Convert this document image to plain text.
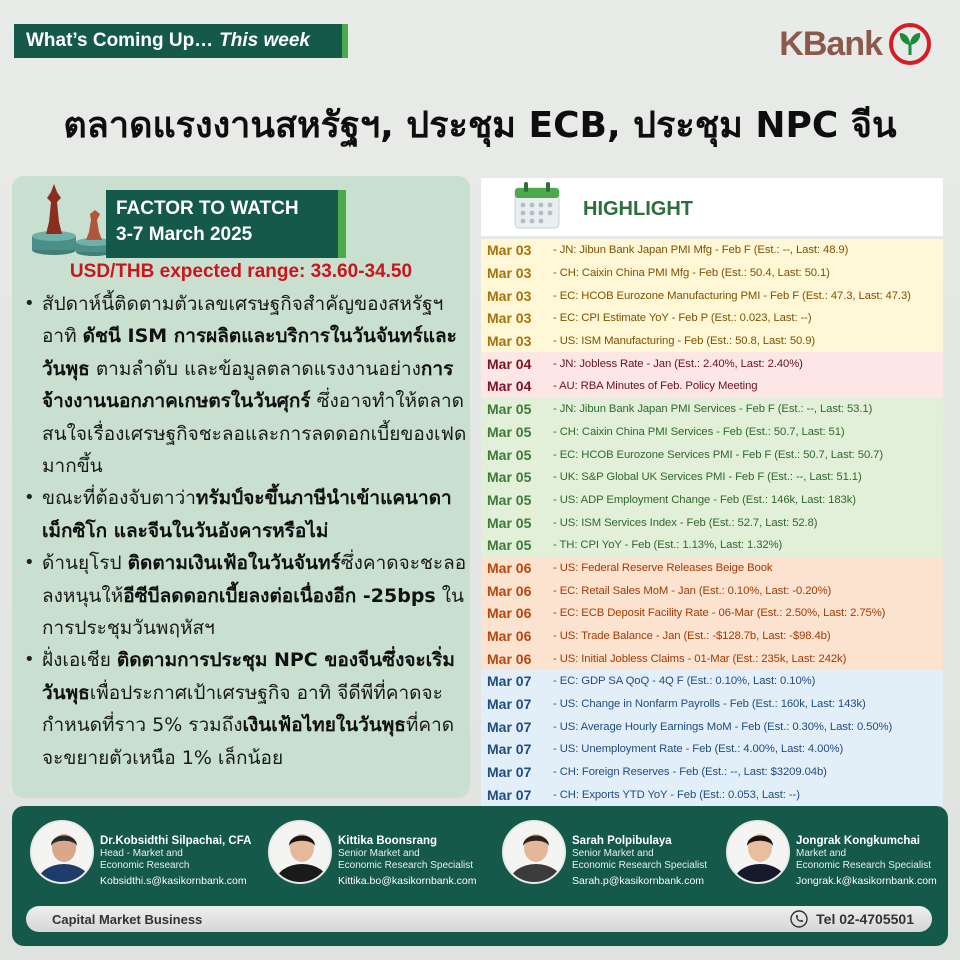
What’s Coming Up… This week	KBank
ตลาดแรงงานสหรัฐฯ, ประชุม ECB, ประชุม NPC จีน
FACTOR TO WATCH
3-7 March 2025
USD/THB expected range: 33.60-34.50
• สัปดาห์นี้ติดตามตัวเลขเศรษฐกิจสำคัญของสหรัฐฯ อาทิ ดัชนี ISM การผลิตและบริการในวันจันทร์และวันพุธ ตามลำดับ และข้อมูลตลาดแรงงานอย่างการจ้างงานนอกภาคเกษตรในวันศุกร์ ซึ่งอาจทำให้ตลาดสนใจเรื่องเศรษฐกิจชะลอและการลดดอกเบี้ยของเฟดมากขึ้น
• ขณะที่ต้องจับตาว่าทรัมป์จะขึ้นภาษีนำเข้าแคนาดา เม็กซิโก และจีนในวันอังคารหรือไม่
• ด้านยุโรป ติดตามเงินเฟ้อในวันจันทร์ซึ่งคาดจะชะลอลงหนุนให้อีซีบีลดดอกเบี้ยลงต่อเนื่องอีก -25bps ในการประชุมวันพฤหัสฯ
• ฝั่งเอเชีย ติดตามการประชุม NPC ของจีนซึ่งจะเริ่มวันพุธเพื่อประกาศเป้าเศรษฐกิจ อาทิ จีดีพีที่คาดจะกำหนดที่ราว 5% รวมถึงเงินเฟ้อไทยในวันพุธที่คาดจะขยายตัวเหนือ 1% เล็กน้อย
HIGHLIGHT
Mar 03	- JN: Jibun Bank Japan PMI Mfg - Feb F (Est.: --, Last: 48.9)
Mar 03	- CH: Caixin China PMI Mfg - Feb (Est.: 50.4, Last: 50.1)
Mar 03	- EC: HCOB Eurozone Manufacturing PMI - Feb F (Est.: 47.3, Last: 47.3)
Mar 03	- EC: CPI Estimate YoY - Feb P (Est.: 0.023, Last: --)
Mar 03	- US: ISM Manufacturing - Feb (Est.: 50.8, Last: 50.9)
Mar 04	- JN: Jobless Rate - Jan (Est.: 2.40%, Last: 2.40%)
Mar 04	- AU: RBA Minutes of Feb. Policy Meeting
Mar 05	- JN: Jibun Bank Japan PMI Services - Feb F (Est.: --, Last: 53.1)
Mar 05	- CH: Caixin China PMI Services - Feb (Est.: 50.7, Last: 51)
Mar 05	- EC: HCOB Eurozone Services PMI - Feb F (Est.: 50.7, Last: 50.7)
Mar 05	- UK: S&P Global UK Services PMI - Feb F (Est.: --, Last: 51.1)
Mar 05	- US: ADP Employment Change - Feb (Est.: 146k, Last: 183k)
Mar 05	- US: ISM Services Index - Feb (Est.: 52.7, Last: 52.8)
Mar 05	- TH: CPI YoY - Feb (Est.: 1.13%, Last: 1.32%)
Mar 06	- US: Federal Reserve Releases Beige Book
Mar 06	- EC: Retail Sales MoM - Jan (Est.: 0.10%, Last: -0.20%)
Mar 06	- EC: ECB Deposit Facility Rate - 06-Mar (Est.: 2.50%, Last: 2.75%)
Mar 06	- US: Trade Balance - Jan (Est.: -$128.7b, Last: -$98.4b)
Mar 06	- US: Initial Jobless Claims - 01-Mar (Est.: 235k, Last: 242k)
Mar 07	- EC: GDP SA QoQ - 4Q F (Est.: 0.10%, Last: 0.10%)
Mar 07	- US: Change in Nonfarm Payrolls - Feb (Est.: 160k, Last: 143k)
Mar 07	- US: Average Hourly Earnings MoM - Feb (Est.: 0.30%, Last: 0.50%)
Mar 07	- US: Unemployment Rate - Feb (Est.: 4.00%, Last: 4.00%)
Mar 07	- CH: Foreign Reserves - Feb (Est.: --, Last: $3209.04b)
Mar 07	- CH: Exports YTD YoY - Feb (Est.: 0.053, Last: --)
Dr.Kobsidthi Silpachai, CFA
Head - Market and
Economic Research
Kobsidthi.s@kasikornbank.com
Kittika Boonsrang
Senior Market and
Economic Research Specialist
Kittika.bo@kasikornbank.com
Sarah Polpibulaya
Senior Market and
Economic Research Specialist
Sarah.p@kasikornbank.com
Jongrak Kongkumchai
Market and
Economic Research Specialist
Jongrak.k@kasikornbank.com
Capital Market Business	Tel 02-4705501
